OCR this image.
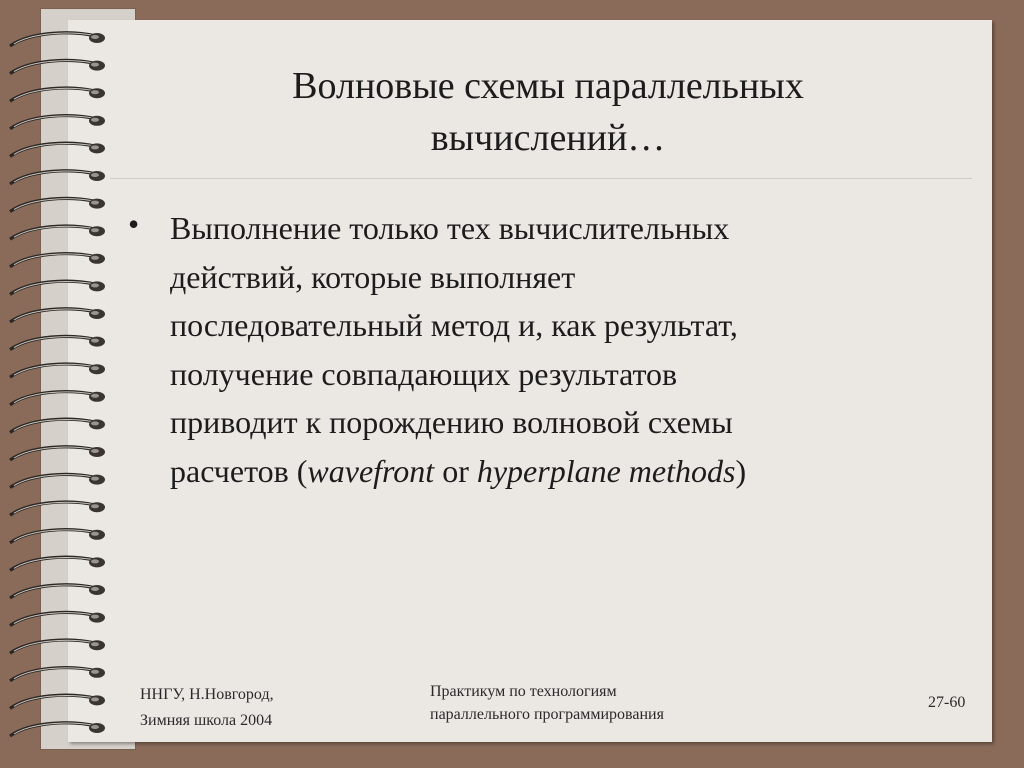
Волновые схемы параллельных
вычислений…
• Выполнение только тех вычислительных
действий, которые выполняет
последовательный метод и, как результат,
получение совпадающих результатов
приводит к порождению волновой схемы
расчетов (wavefront or hyperplane methods)
ННГУ, Н.Новгород,
Зимняя школа 2004
Практикум по технологиям
параллельного программирования
27-60
